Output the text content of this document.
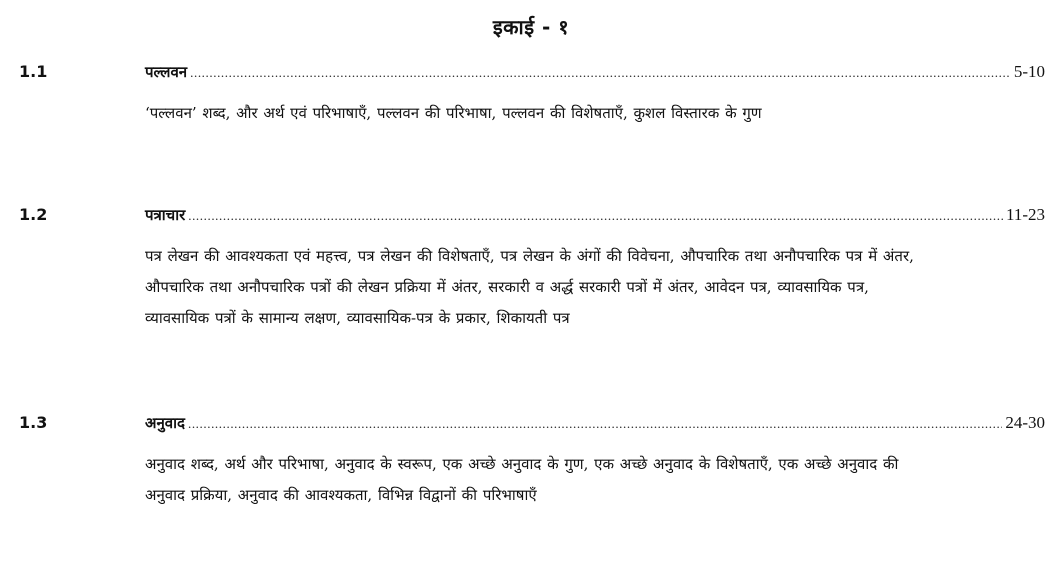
इकाई - १
1.1	पल्लवन .....	5-10

‘पल्लवन’ शब्द, और अर्थ एवं परिभाषाएँ, पल्लवन की परिभाषा, पल्लवन की विशेषताएँ, कुशल विस्तारक के गुण

1.2	पत्राचार .....	11-23

पत्र लेखन की आवश्यकता एवं महत्त्व, पत्र लेखन की विशेषताएँ, पत्र लेखन के अंगों की विवेचना, औपचारिक तथा अनौपचारिक पत्र में अंतर, औपचारिक तथा अनौपचारिक पत्रों की लेखन प्रक्रिया में अंतर, सरकारी व अर्द्ध सरकारी पत्रों में अंतर, आवेदन पत्र, व्यावसायिक पत्र, व्यावसायिक पत्रों के सामान्य लक्षण, व्यावसायिक-पत्र के प्रकार, शिकायती पत्र

1.3	अनुवाद .....	24-30

अनुवाद शब्द, अर्थ और परिभाषा, अनुवाद के स्वरूप, एक अच्छे अनुवाद के गुण, एक अच्छे अनुवाद के विशेषताएँ, एक अच्छे अनुवाद की अनुवाद प्रक्रिया, अनुवाद की आवश्यकता, विभिन्न विद्वानों की परिभाषाएँ
